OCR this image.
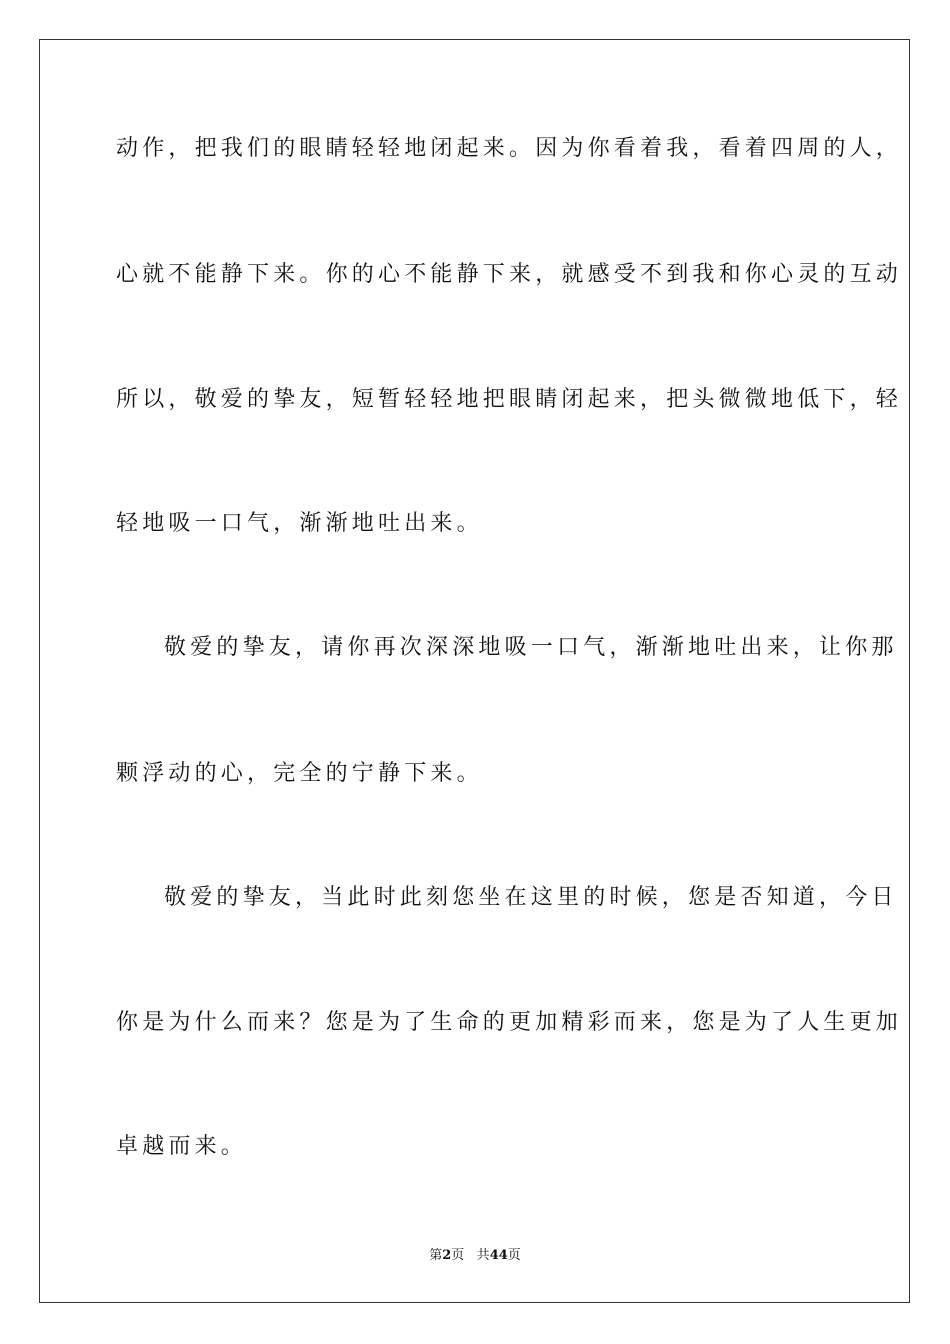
动作，把我们的眼睛轻轻地闭起来。因为你看着我，看着四周的人，
心就不能静下来。你的心不能静下来，就感受不到我和你心灵的互动
所以，敬爱的挚友，短暂轻轻地把眼睛闭起来，把头微微地低下，轻
轻地吸一口气，渐渐地吐出来。
敬爱的挚友，请你再次深深地吸一口气，渐渐地吐出来，让你那
颗浮动的心，完全的宁静下来。
敬爱的挚友，当此时此刻您坐在这里的时候，您是否知道，今日
你是为什么而来？您是为了生命的更加精彩而来，您是为了人生更加
卓越而来。
第2页 共44页
